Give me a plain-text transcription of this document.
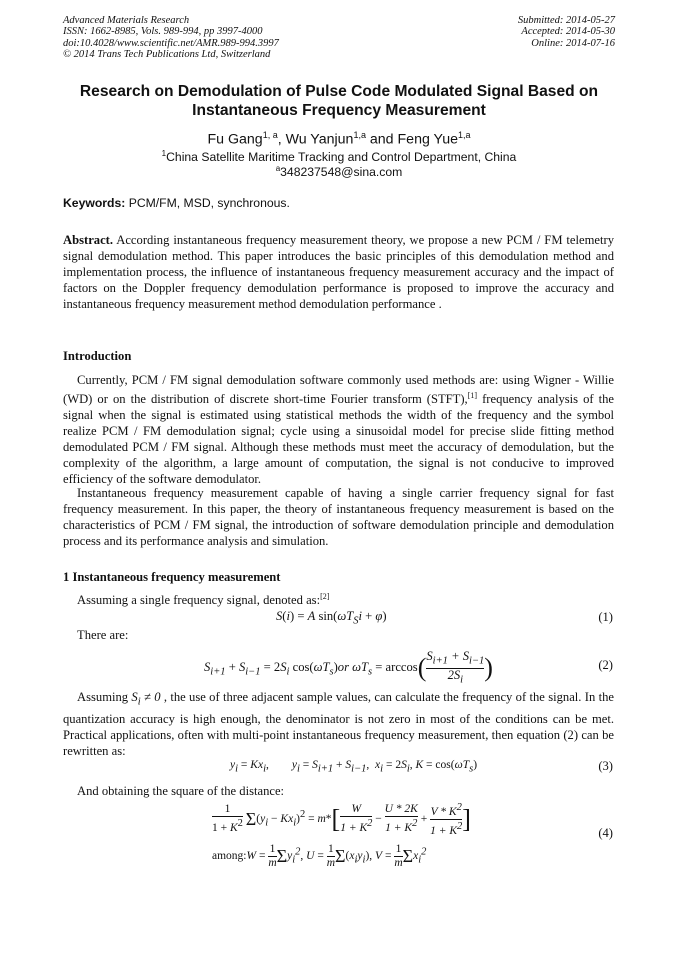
Advanced Materials Research
ISSN: 1662-8985, Vols. 989-994, pp 3997-4000
doi:10.4028/www.scientific.net/AMR.989-994.3997
© 2014 Trans Tech Publications Ltd, Switzerland
Submitted: 2014-05-27
Accepted: 2014-05-30
Online: 2014-07-16
Research on Demodulation of Pulse Code Modulated Signal Based on Instantaneous Frequency Measurement
Fu Gang$^{1, a}$, Wu Yanjun$^{1,a}$ and Feng Yue$^{1,a}$
$^1$China Satellite Maritime Tracking and Control Department, China
$^a$348237548@sina.com
Keywords: PCM/FM, MSD, synchronous.
Abstract. According instantaneous frequency measurement theory, we propose a new PCM / FM telemetry signal demodulation method. This paper introduces the basic principles of this demodulation method and implementation process, the influence of instantaneous frequency measurement accuracy and the impact of factors on the Doppler frequency demodulation performance is proposed to improve the accuracy and instantaneous frequency measurement method demodulation performance .
Introduction
Currently, PCM / FM signal demodulation software commonly used methods are: using Wigner - Willie (WD) or on the distribution of discrete short-time Fourier transform (STFT),[1] frequency analysis of the signal when the signal is estimated using statistical methods the width of the frequency and the symbol realize PCM / FM demodulation signal; cycle using a sinusoidal model for precise slide fitting method demodulated PCM / FM signal. Although these methods must meet the accuracy of demodulation, but the complexity of the algorithm, a large amount of computation, the signal is not conducive to improved efficiency of the software demodulator.
Instantaneous frequency measurement capable of having a single carrier frequency signal for fast frequency measurement. In this paper, the theory of instantaneous frequency measurement is based on the characteristics of PCM / FM signal, the introduction of software demodulation principle and demodulation process and its performance analysis and simulation.
1 Instantaneous frequency measurement
Assuming a single frequency signal, denoted as:[2]
S(i) = A $\sin(\omega T_Si + \varphi)$	(1)
There are:
$S_{i+1} + S_{i-1} = 2S_i$ $\cos(\omega T_s)or$ $\omega T_s = \arccos( \frac{S_{i+1} + S_{i-1}}{2S_i}$ )	(2)
Assuming $S_i \ne 0$ , the use of three adjacent sample values, can calculate the frequency of the signal. In the quantization accuracy is high enough, the denominator is not zero in most of the conditions can be met. Practical applications, often with multi-point instantaneous frequency measurement, then equation (2) can be rewritten as:
$y_i = Kx_i$,        $y_i = S_{i+1} + S_{i-1}$,  $x_i = 2S_i$, $K = \cos(\omega T_s)$	(3)
And obtaining the square of the distance:
$\frac{1}{1 + K^2} \Sigma(y_i - Kx_i)^2 = m*[ \frac{W}{1 + K^2} - \frac{U * 2K}{1 + K^2} + \frac{V * K^2}{1 + K^2}$ ]	(4)
among:W = $\frac{1}{m} \Sigma y_i^2$, $U = \frac{1}{m} \Sigma(x_iy_i)$, $V = \frac{1}{m} \Sigma x_i^2$
